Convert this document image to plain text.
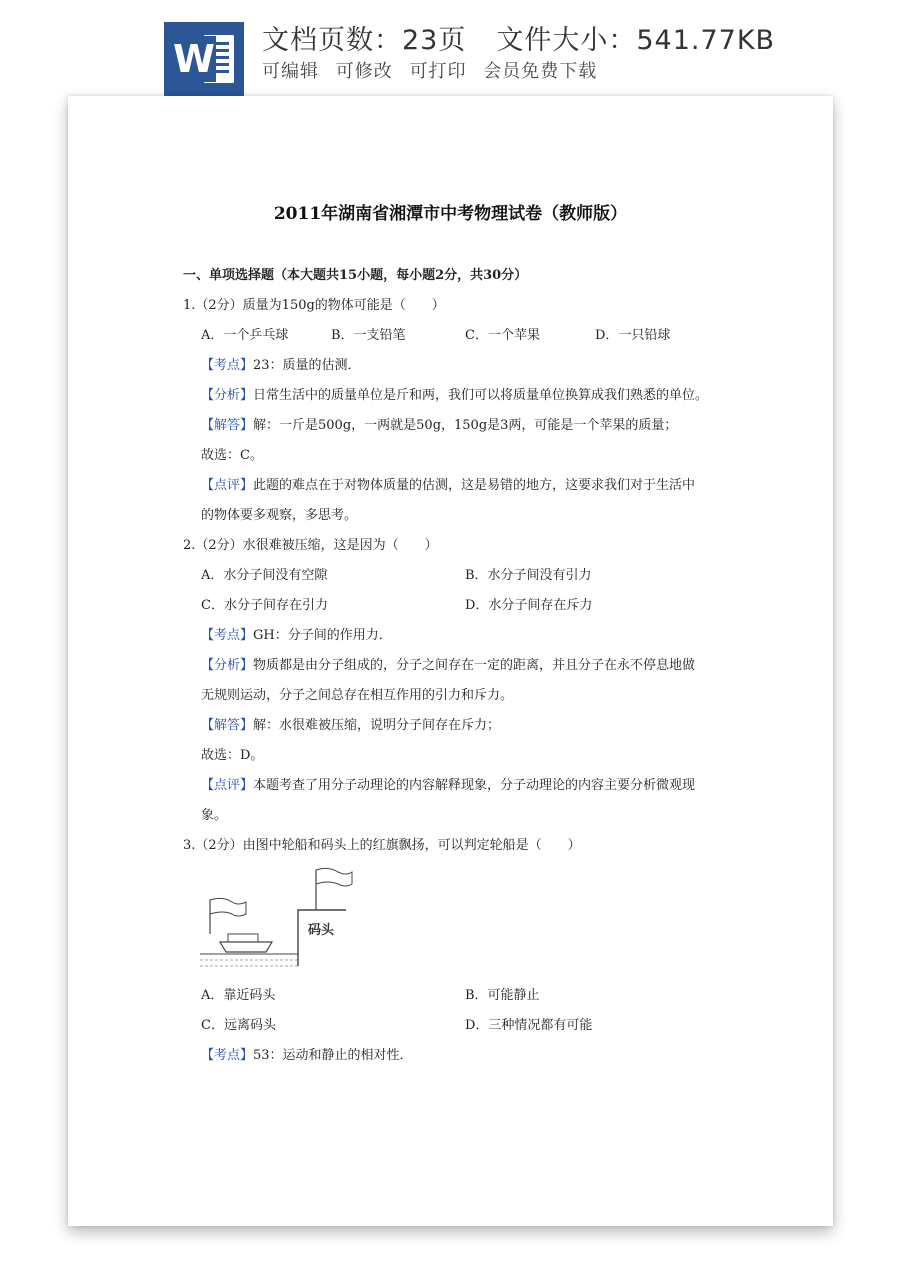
W 文档页数：23页 文件大小：541.77KB
可编辑 可修改 可打印 会员免费下载
2011年湖南省湘潭市中考物理试卷（教师版）
一、单项选择题（本大题共15小题，每小题2分，共30分）
1.（2分）质量为150g的物体可能是（　　）
A．一个乒乓球	B．一支铅笔	C．一个苹果	D．一只铅球
【考点】23：质量的估测．
【分析】日常生活中的质量单位是斤和两，我们可以将质量单位换算成我们熟悉的单位。
【解答】解：一斤是500g，一两就是50g，150g是3两，可能是一个苹果的质量；
故选：C。
【点评】此题的难点在于对物体质量的估测，这是易错的地方，这要求我们对于生活中
的物体要多观察，多思考。
2.（2分）水很难被压缩，这是因为（　　）
A．水分子间没有空隙	B．水分子间没有引力
C．水分子间存在引力	D．水分子间存在斥力
【考点】GH：分子间的作用力．
【分析】物质都是由分子组成的，分子之间存在一定的距离，并且分子在永不停息地做
无规则运动，分子之间总存在相互作用的引力和斥力。
【解答】解：水很难被压缩，说明分子间存在斥力；
故选：D。
【点评】本题考查了用分子动理论的内容解释现象，分子动理论的内容主要分析微观现
象。
3.（2分）由图中轮船和码头上的红旗飘扬，可以判定轮船是（　　）
码头
A．靠近码头	B．可能静止
C．远离码头	D．三种情况都有可能
【考点】53：运动和静止的相对性．
